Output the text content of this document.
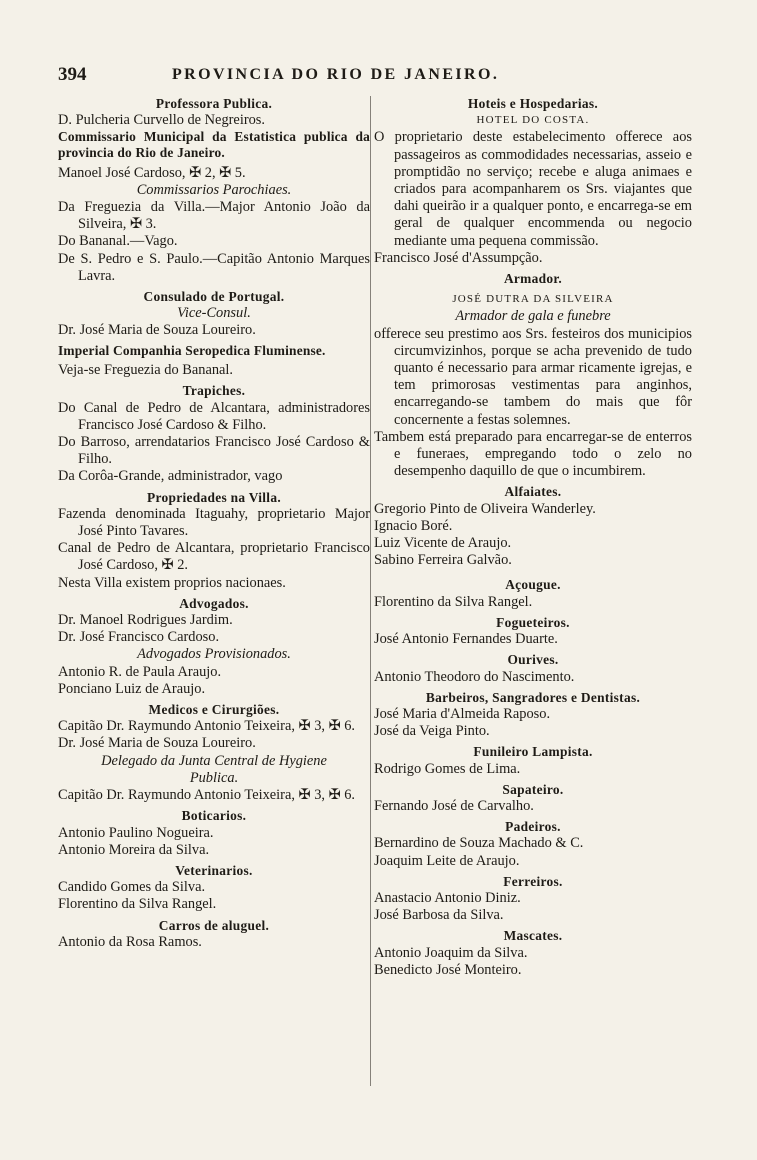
394	PROVINCIA DO RIO DE JANEIRO.
Professora Publica.
D. Pulcheria Curvello de Negreiros.
Commissario Municipal da Estatistica publica da provincia do Rio de Janeiro.
Manoel José Cardoso, ✠ 2, ✠ 5.
Commissarios Parochiaes.
Da Freguezia da Villa.—Major Antonio João da Silveira, ✠ 3.
Do Bananal.—Vago.
De S. Pedro e S. Paulo.—Capitão Antonio Marques Lavra.
Consulado de Portugal.
Vice-Consul.
Dr. José Maria de Souza Loureiro.
Imperial Companhia Seropedica Fluminense.
Veja-se Freguezia do Bananal.
Trapiches.
Do Canal de Pedro de Alcantara, administradores Francisco José Cardoso & Filho.
Do Barroso, arrendatarios Francisco José Cardoso & Filho.
Da Corôa-Grande, administrador, vago
Propriedades na Villa.
Fazenda denominada Itaguahy, proprietario Major José Pinto Tavares.
Canal de Pedro de Alcantara, proprietario Francisco José Cardoso, ✠ 2.
Nesta Villa existem proprios nacionaes.
Advogados.
Dr. Manoel Rodrigues Jardim.
Dr. José Francisco Cardoso.
Advogados Provisionados.
Antonio R. de Paula Araujo.
Ponciano Luiz de Araujo.
Medicos e Cirurgiões.
Capitão Dr. Raymundo Antonio Teixeira, ✠ 3, ✠ 6.
Dr. José Maria de Souza Loureiro.
Delegado da Junta Central de Hygiene Publica.
Capitão Dr. Raymundo Antonio Teixeira, ✠ 3, ✠ 6.
Boticarios.
Antonio Paulino Nogueira.
Antonio Moreira da Silva.
Veterinarios.
Candido Gomes da Silva.
Florentino da Silva Rangel.
Carros de aluguel.
Antonio da Rosa Ramos.
Hoteis e Hospedarias.
HOTEL DO COSTA.
O proprietario deste estabelecimento offerece aos passageiros as commodidades necessarias, asseio e promptidão no serviço; recebe e aluga animaes e criados para acompanharem os Srs. viajantes que dahi queirão ir a qualquer ponto, e encarrega-se em geral de qualquer encommenda ou negocio mediante uma pequena commissão.
Francisco José d'Assumpção.
Armador.
JOSÉ DUTRA DA SILVEIRA
Armador de gala e funebre
offerece seu prestimo aos Srs. festeiros dos municipios circumvizinhos, porque se acha prevenido de tudo quanto é necessario para armar ricamente igrejas, e tem primorosas vestimentas para anginhos, encarregando-se tambem do mais que fôr concernente a festas solemnes.
Tambem está preparado para encarregar-se de enterros e funeraes, empregando todo o zelo no desempenho daquillo de que o incumbirem.
Alfaiates.
Gregorio Pinto de Oliveira Wanderley.
Ignacio Boré.
Luiz Vicente de Araujo.
Sabino Ferreira Galvão.
Açougue.
Florentino da Silva Rangel.
Fogueteiros.
José Antonio Fernandes Duarte.
Ourives.
Antonio Theodoro do Nascimento.
Barbeiros, Sangradores e Dentistas.
José Maria d'Almeida Raposo.
José da Veiga Pinto.
Funileiro Lampista.
Rodrigo Gomes de Lima.
Sapateiro.
Fernando José de Carvalho.
Padeiros.
Bernardino de Souza Machado & C.
Joaquim Leite de Araujo.
Ferreiros.
Anastacio Antonio Diniz.
José Barbosa da Silva.
Mascates.
Antonio Joaquim da Silva.
Benedicto José Monteiro.
